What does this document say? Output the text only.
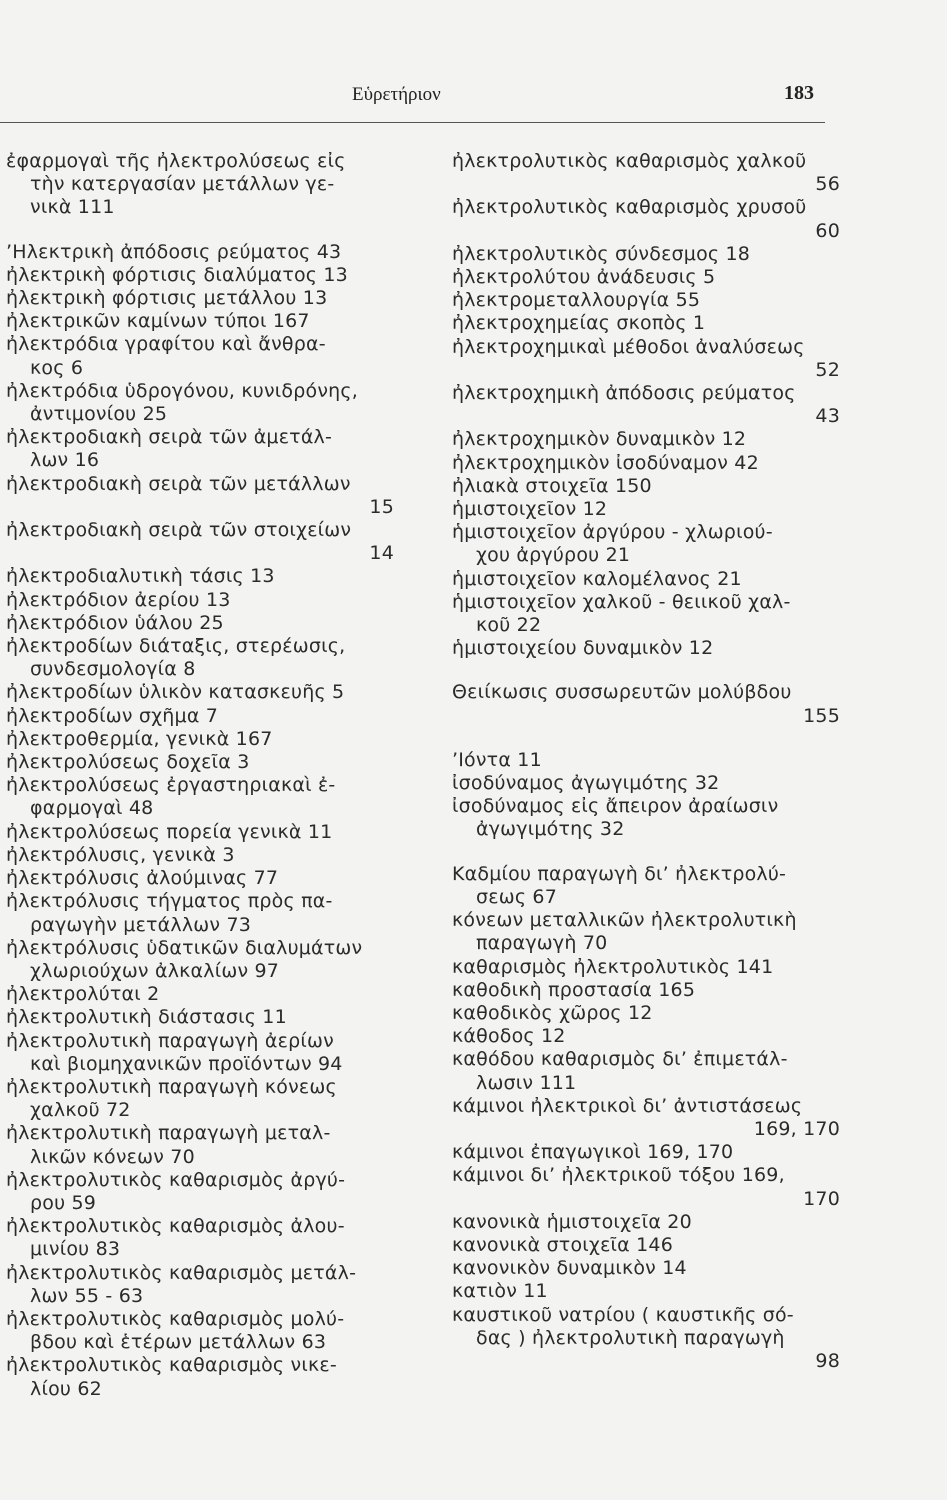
Εὑρετήριον	183
ἐφαρμογαὶ τῆς ἠλεκτρολύσεως εἰς
τὴν κατεργασίαν μετάλλων γε-
νικὰ 111
’Ηλεκτρικὴ ἀπόδοσις ρεύματος 43
ἠλεκτρικὴ φόρτισις διαλύματος 13
ἠλεκτρικὴ φόρτισις μετάλλου 13
ἠλεκτρικῶν καμίνων τύποι 167
ἠλεκτρόδια γραφίτου καὶ ἄνθρα-
κος 6
ἠλεκτρόδια ὑδρογόνου, κυνιδρόνης,
ἀντιμονίου 25
ἠλεκτροδιακὴ σειρὰ τῶν ἀμετάλ-
λων 16
ἠλεκτροδιακὴ σειρὰ τῶν μετάλλων
15
ἠλεκτροδιακὴ σειρὰ τῶν στοιχείων
14
ἠλεκτροδιαλυτικὴ τάσις 13
ἠλεκτρόδιον ἀερίου 13
ἠλεκτρόδιον ὑάλου 25
ἠλεκτροδίων διάταξις, στερέωσις,
συνδεσμολογία 8
ἠλεκτροδίων ὑλικὸν κατασκευῆς 5
ἠλεκτροδίων σχῆμα 7
ἠλεκτροθερμία, γενικὰ 167
ἠλεκτρολύσεως δοχεῖα 3
ἠλεκτρολύσεως ἐργαστηριακαὶ ἐ-
φαρμογαὶ 48
ἠλεκτρολύσεως πορεία γενικὰ 11
ἠλεκτρόλυσις, γενικὰ 3
ἠλεκτρόλυσις ἀλούμινας 77
ἠλεκτρόλυσις τήγματος πρὸς πα-
ραγωγὴν μετάλλων 73
ἠλεκτρόλυσις ὑδατικῶν διαλυμάτων
χλωριούχων ἀλκαλίων 97
ἠλεκτρολύται 2
ἠλεκτρολυτικὴ διάστασις 11
ἠλεκτρολυτικὴ παραγωγὴ ἀερίων
καὶ βιομηχανικῶν προϊόντων 94
ἠλεκτρολυτικὴ παραγωγὴ κόνεως
χαλκοῦ 72
ἠλεκτρολυτικὴ παραγωγὴ μεταλ-
λικῶν κόνεων 70
ἠλεκτρολυτικὸς καθαρισμὸς ἀργύ-
ρου 59
ἠλεκτρολυτικὸς καθαρισμὸς ἀλου-
μινίου 83
ἠλεκτρολυτικὸς καθαρισμὸς μετάλ-
λων 55 - 63
ἠλεκτρολυτικὸς καθαρισμὸς μολύ-
βδου καὶ ἑτέρων μετάλλων 63
ἠλεκτρολυτικὸς καθαρισμὸς νικε-
λίου 62
ἠλεκτρολυτικὸς καθαρισμὸς χαλκοῦ
56
ἠλεκτρολυτικὸς καθαρισμὸς χρυσοῦ
60
ἠλεκτρολυτικὸς σύνδεσμος 18
ἠλεκτρολύτου ἀνάδευσις 5
ἠλεκτρομεταλλουργία 55
ἠλεκτροχημείας σκοπὸς 1
ἠλεκτροχημικαὶ μέθοδοι ἀναλύσεως
52
ἠλεκτροχημικὴ ἀπόδοσις ρεύματος
43
ἠλεκτροχημικὸν δυναμικὸν 12
ἠλεκτροχημικὸν ἰσοδύναμον 42
ἠλιακὰ στοιχεῖα 150
ἡμιστοιχεῖον 12
ἡμιστοιχεῖον ἀργύρου - χλωριού-
χου ἀργύρου 21
ἡμιστοιχεῖον καλομέλανος 21
ἡμιστοιχεῖον χαλκοῦ - θειικοῦ χαλ-
κοῦ 22
ἡμιστοιχείου δυναμικὸν 12
Θειίκωσις συσσωρευτῶν μολύβδου
155
’Ιόντα 11
ἰσοδύναμος ἀγωγιμότης 32
ἰσοδύναμος εἰς ἄπειρον ἀραίωσιν
ἀγωγιμότης 32
Καδμίου παραγωγὴ δι’ ἠλεκτρολύ-
σεως 67
κόνεων μεταλλικῶν ἠλεκτρολυτικὴ
παραγωγὴ 70
καθαρισμὸς ἠλεκτρολυτικὸς 141
καθοδικὴ προστασία 165
καθοδικὸς χῶρος 12
κάθοδος 12
καθόδου καθαρισμὸς δι’ ἐπιμετάλ-
λωσιν 111
κάμινοι ἠλεκτρικοὶ δι’ ἀντιστάσεως
169, 170
κάμινοι ἐπαγωγικοὶ 169, 170
κάμινοι δι’ ἠλεκτρικοῦ τόξου 169,
170
κανονικὰ ἡμιστοιχεῖα 20
κανονικὰ στοιχεῖα 146
κανονικὸν δυναμικὸν 14
κατιὸν 11
καυστικοῦ νατρίου ( καυστικῆς σό-
δας ) ἠλεκτρολυτικὴ παραγωγὴ
98
